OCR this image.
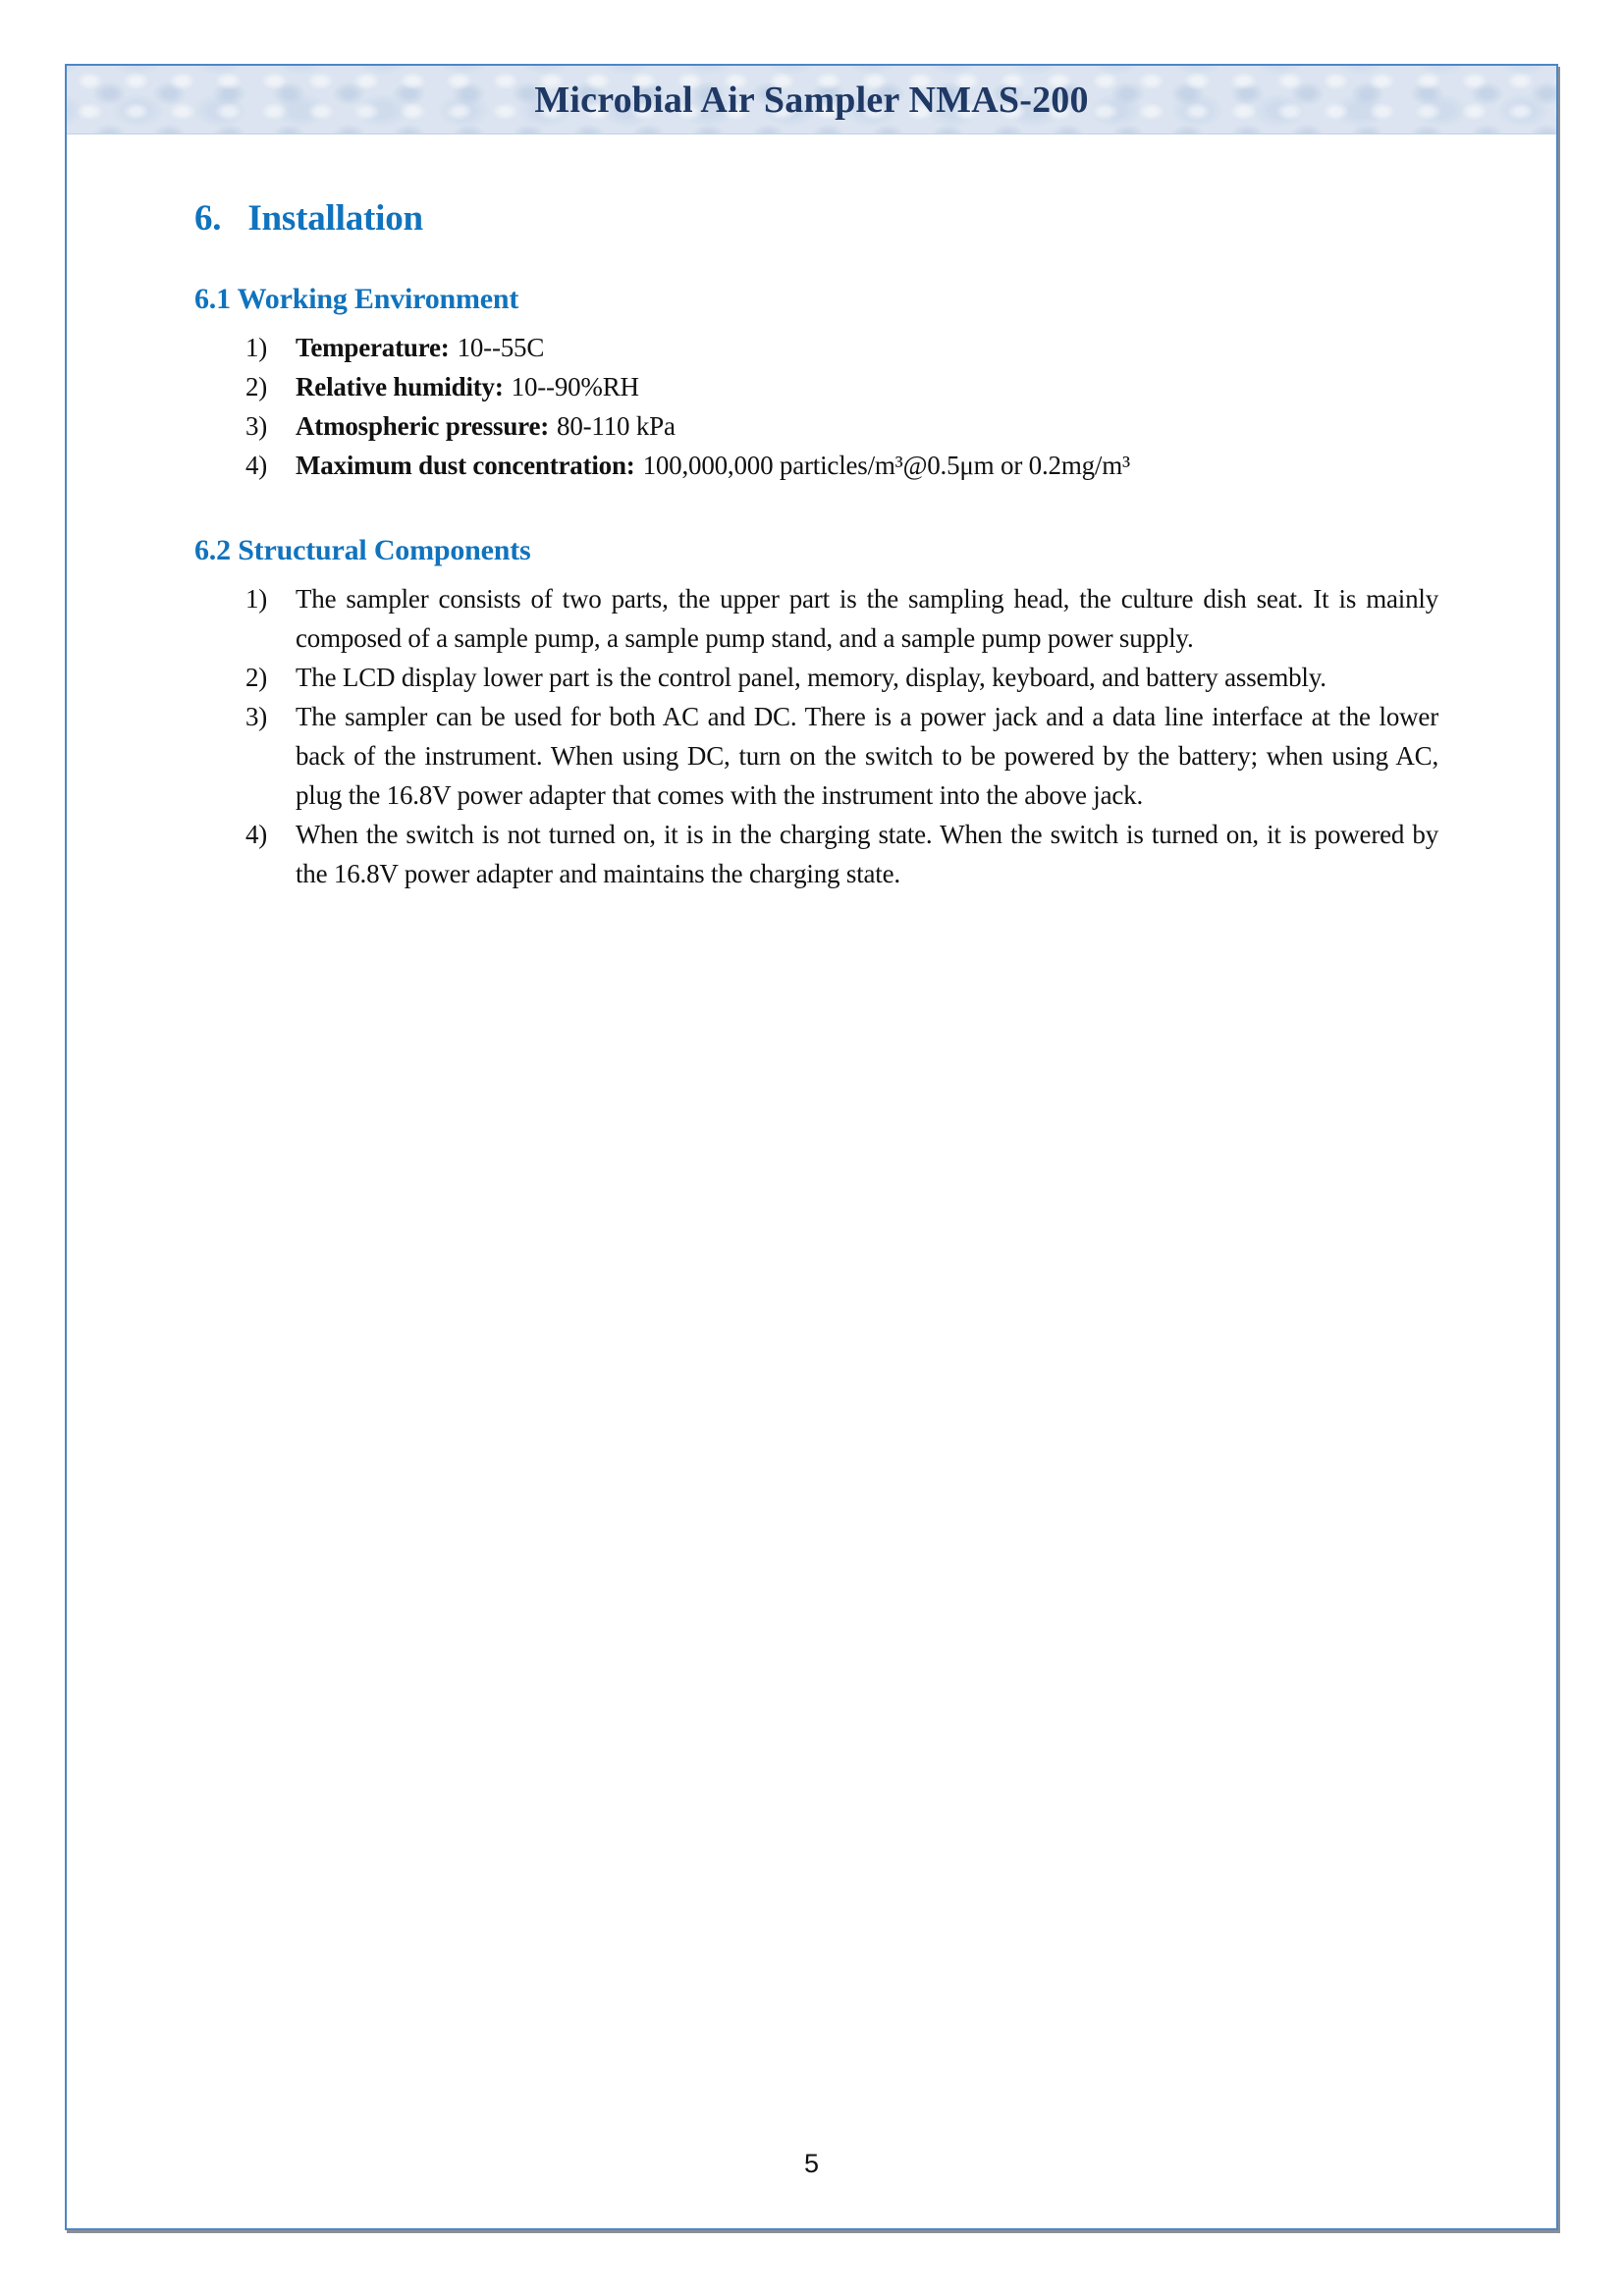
Microbial Air Sampler NMAS-200
6. Installation
6.1 Working Environment
1)	Temperature: 10--55C
2)	Relative humidity: 10--90%RH
3)	Atmospheric pressure: 80-110 kPa
4)	Maximum dust concentration: 100,000,000 particles/m³@0.5μm or 0.2mg/m³
6.2 Structural Components
1)	The sampler consists of two parts, the upper part is the sampling head, the culture dish seat. It is mainly composed of a sample pump, a sample pump stand, and a sample pump power supply.
2)	The LCD display lower part is the control panel, memory, display, keyboard, and battery assembly.
3)	The sampler can be used for both AC and DC. There is a power jack and a data line interface at the lower back of the instrument. When using DC, turn on the switch to be powered by the battery; when using AC, plug the 16.8V power adapter that comes with the instrument into the above jack.
4)	When the switch is not turned on, it is in the charging state. When the switch is turned on, it is powered by the 16.8V power adapter and maintains the charging state.
5
